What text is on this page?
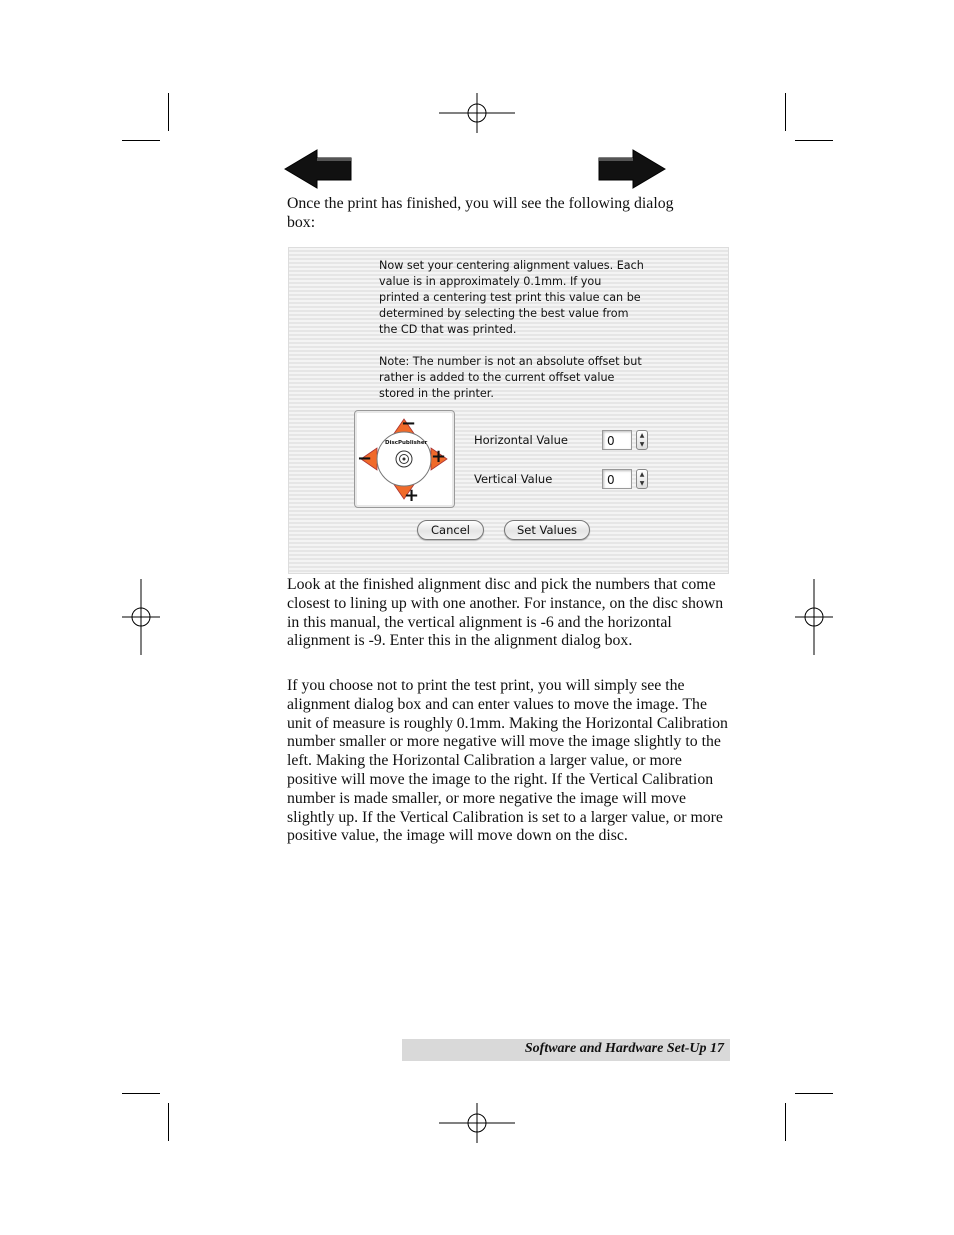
Once the print has finished, you will see the following dialog box:

Now set your centering alignment values. Each
value is in approximately 0.1mm. If you
printed a centering test print this value can be
determined by selecting the best value from
the CD that was printed.
Note: The number is not an absolute offset but
rather is added to the current offset value
stored in the printer.
−
−	+
+
DiscPublisher	Horizontal Value	0	▲
▼
Vertical Value	0	▲
▼
Cancel	Set Values

Look at the finished alignment disc and pick the numbers that come closest to lining up with one another. For instance, on the disc shown in this manual, the vertical alignment is -6 and the horizontal alignment is -9. Enter this in the alignment dialog box.

If you choose not to print the test print, you will simply see the alignment dialog box and can enter values to move the image. The unit of measure is roughly 0.1mm. Making the Horizontal Calibration number smaller or more negative will move the image slightly to the left. Making the Horizontal Calibration a larger value, or more positive will move the image to the right. If the Vertical Calibration number is made smaller, or more negative the image will move slightly up. If the Vertical Calibration is set to a larger value, or more positive value, the image will move down on the disc.

Software and Hardware Set-Up 17
